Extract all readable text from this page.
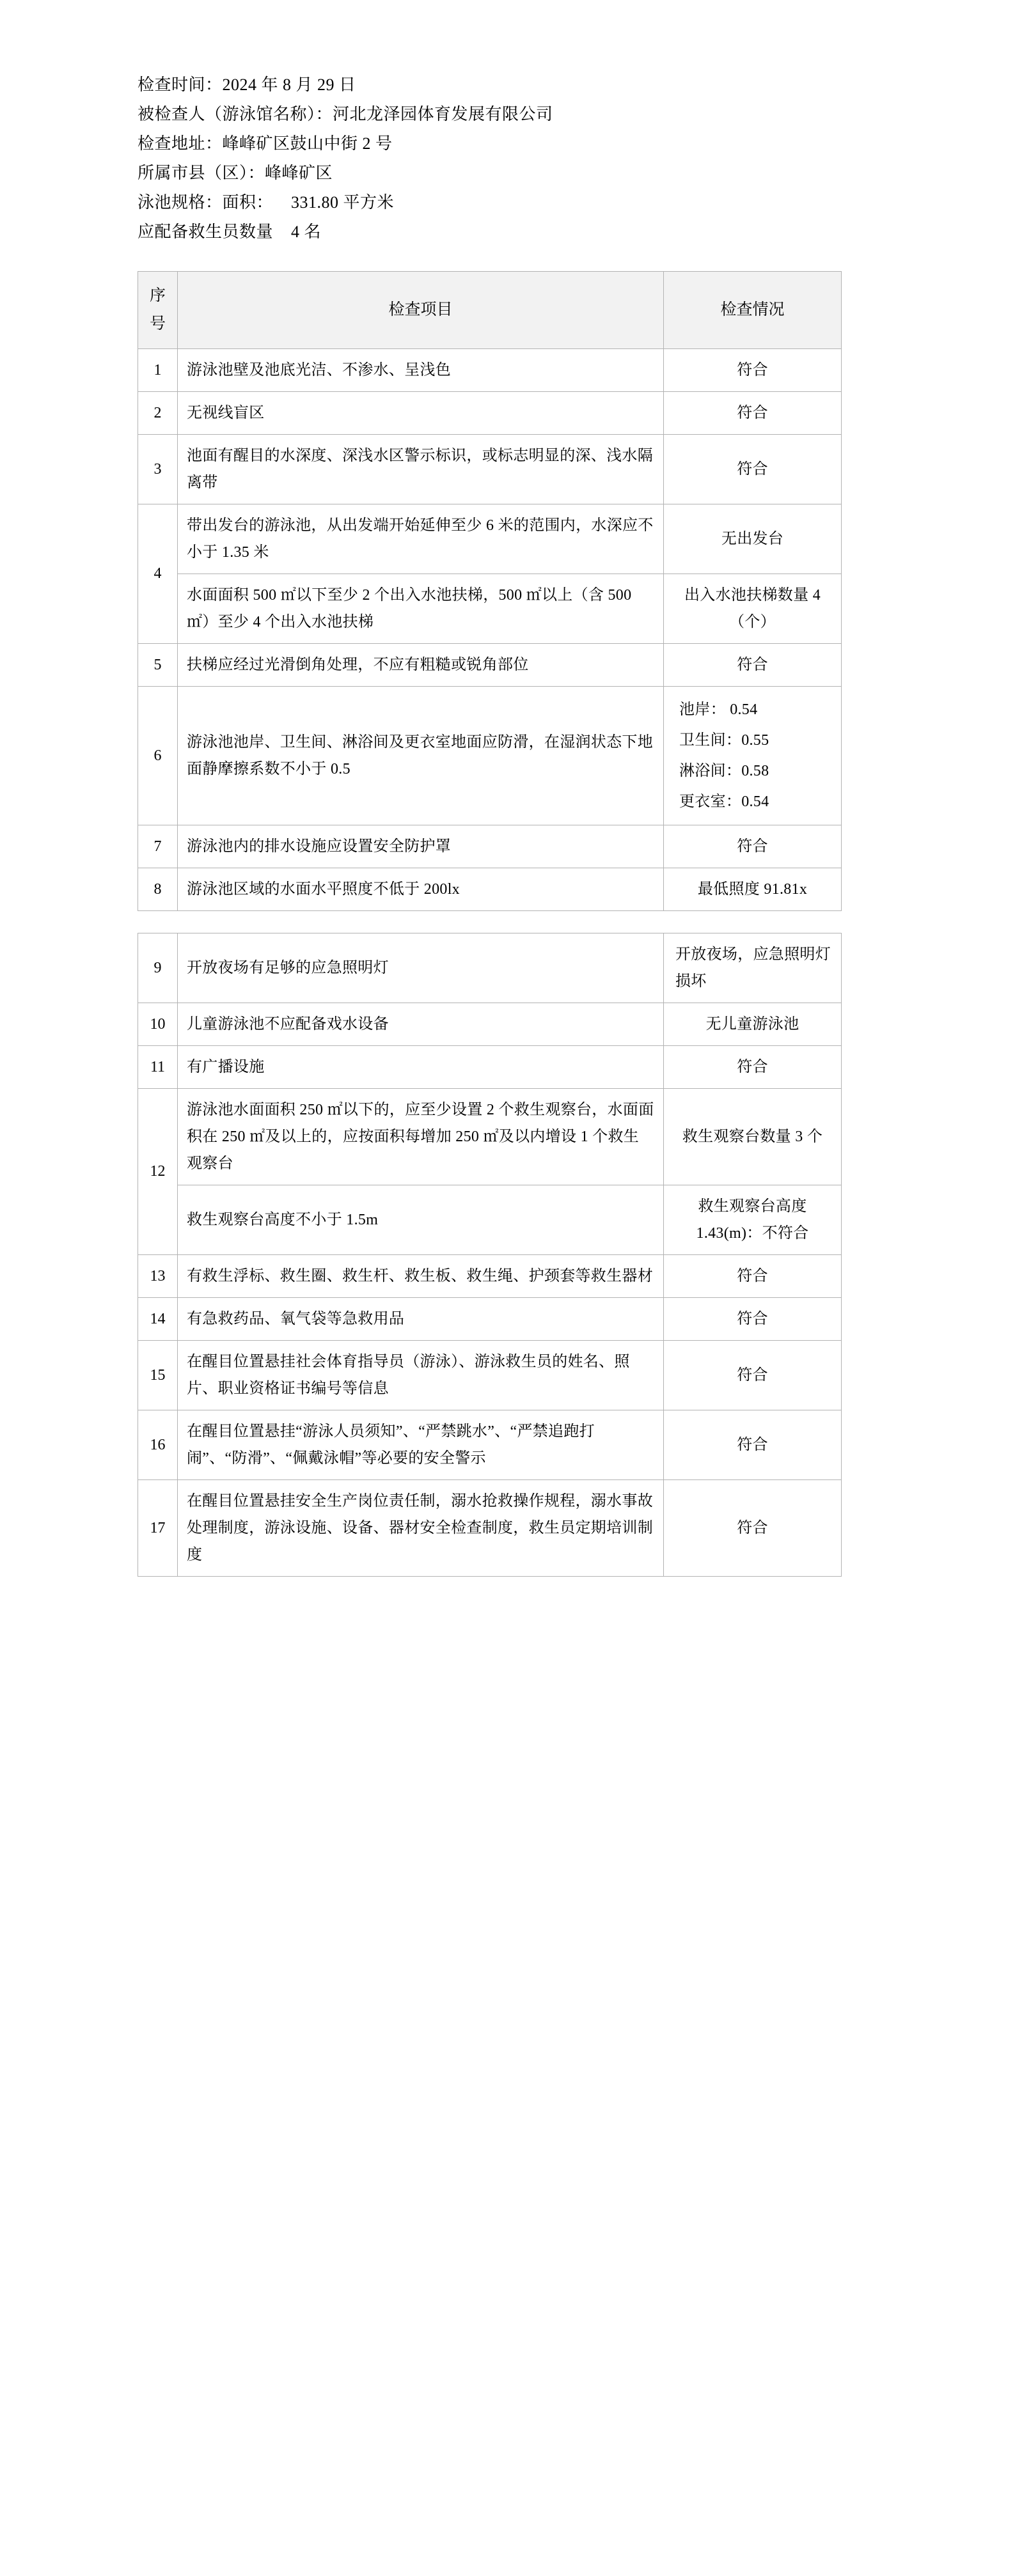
检查时间：2024 年 8 月 29 日
被检查人（游泳馆名称）：河北龙泽园体育发展有限公司
检查地址：峰峰矿区鼓山中街 2 号
所属市县（区）：峰峰矿区
泳池规格：面积：    331.80 平方米
应配备救生员数量    4 名
序
号	检查项目	检查情况
1	游泳池壁及池底光洁、不渗水、呈浅色	符合
2	无视线盲区	符合
3	池面有醒目的水深度、深浅水区警示标识，或标志明显的深、浅水隔离带	符合
4	带出发台的游泳池，从出发端开始延伸至少 6 米的范围内，水深应不小于 1.35 米	无出发台
	水面面积 500 ㎡以下至少 2 个出入水池扶梯，500 ㎡以上（含 500 ㎡）至少 4 个出入水池扶梯	出入水池扶梯数量 4（个）
5	扶梯应经过光滑倒角处理，不应有粗糙或锐角部位	符合
6	游泳池池岸、卫生间、淋浴间及更衣室地面应防滑，在湿润状态下地面静摩擦系数不小于 0.5	池岸： 0.54
卫生间：0.55
淋浴间：0.58
更衣室：0.54

7	游泳池内的排水设施应设置安全防护罩	符合
8	游泳池区域的水面水平照度不低于 200lx	最低照度 91.81x
9	开放夜场有足够的应急照明灯	开放夜场，应急照明灯损坏
10	儿童游泳池不应配备戏水设备	无儿童游泳池
11	有广播设施	符合
12	游泳池水面面积 250 ㎡以下的，应至少设置 2 个救生观察台，水面面积在 250 ㎡及以上的，应按面积每增加 250 ㎡及以内增设 1 个救生观察台	救生观察台数量 3 个
	救生观察台高度不小于 1.5m	救生观察台高度 1.43(m)：不符合
13	有救生浮标、救生圈、救生杆、救生板、救生绳、护颈套等救生器材	符合
14	有急救药品、氧气袋等急救用品	符合
15	在醒目位置悬挂社会体育指导员（游泳）、游泳救生员的姓名、照片、职业资格证书编号等信息	符合
16	在醒目位置悬挂“游泳人员须知”、“严禁跳水”、“严禁追跑打闹”、“防滑”、“佩戴泳帽”等必要的安全警示	符合
17	在醒目位置悬挂安全生产岗位责任制，溺水抢救操作规程，溺水事故处理制度，游泳设施、设备、器材安全检查制度，救生员定期培训制度	符合
